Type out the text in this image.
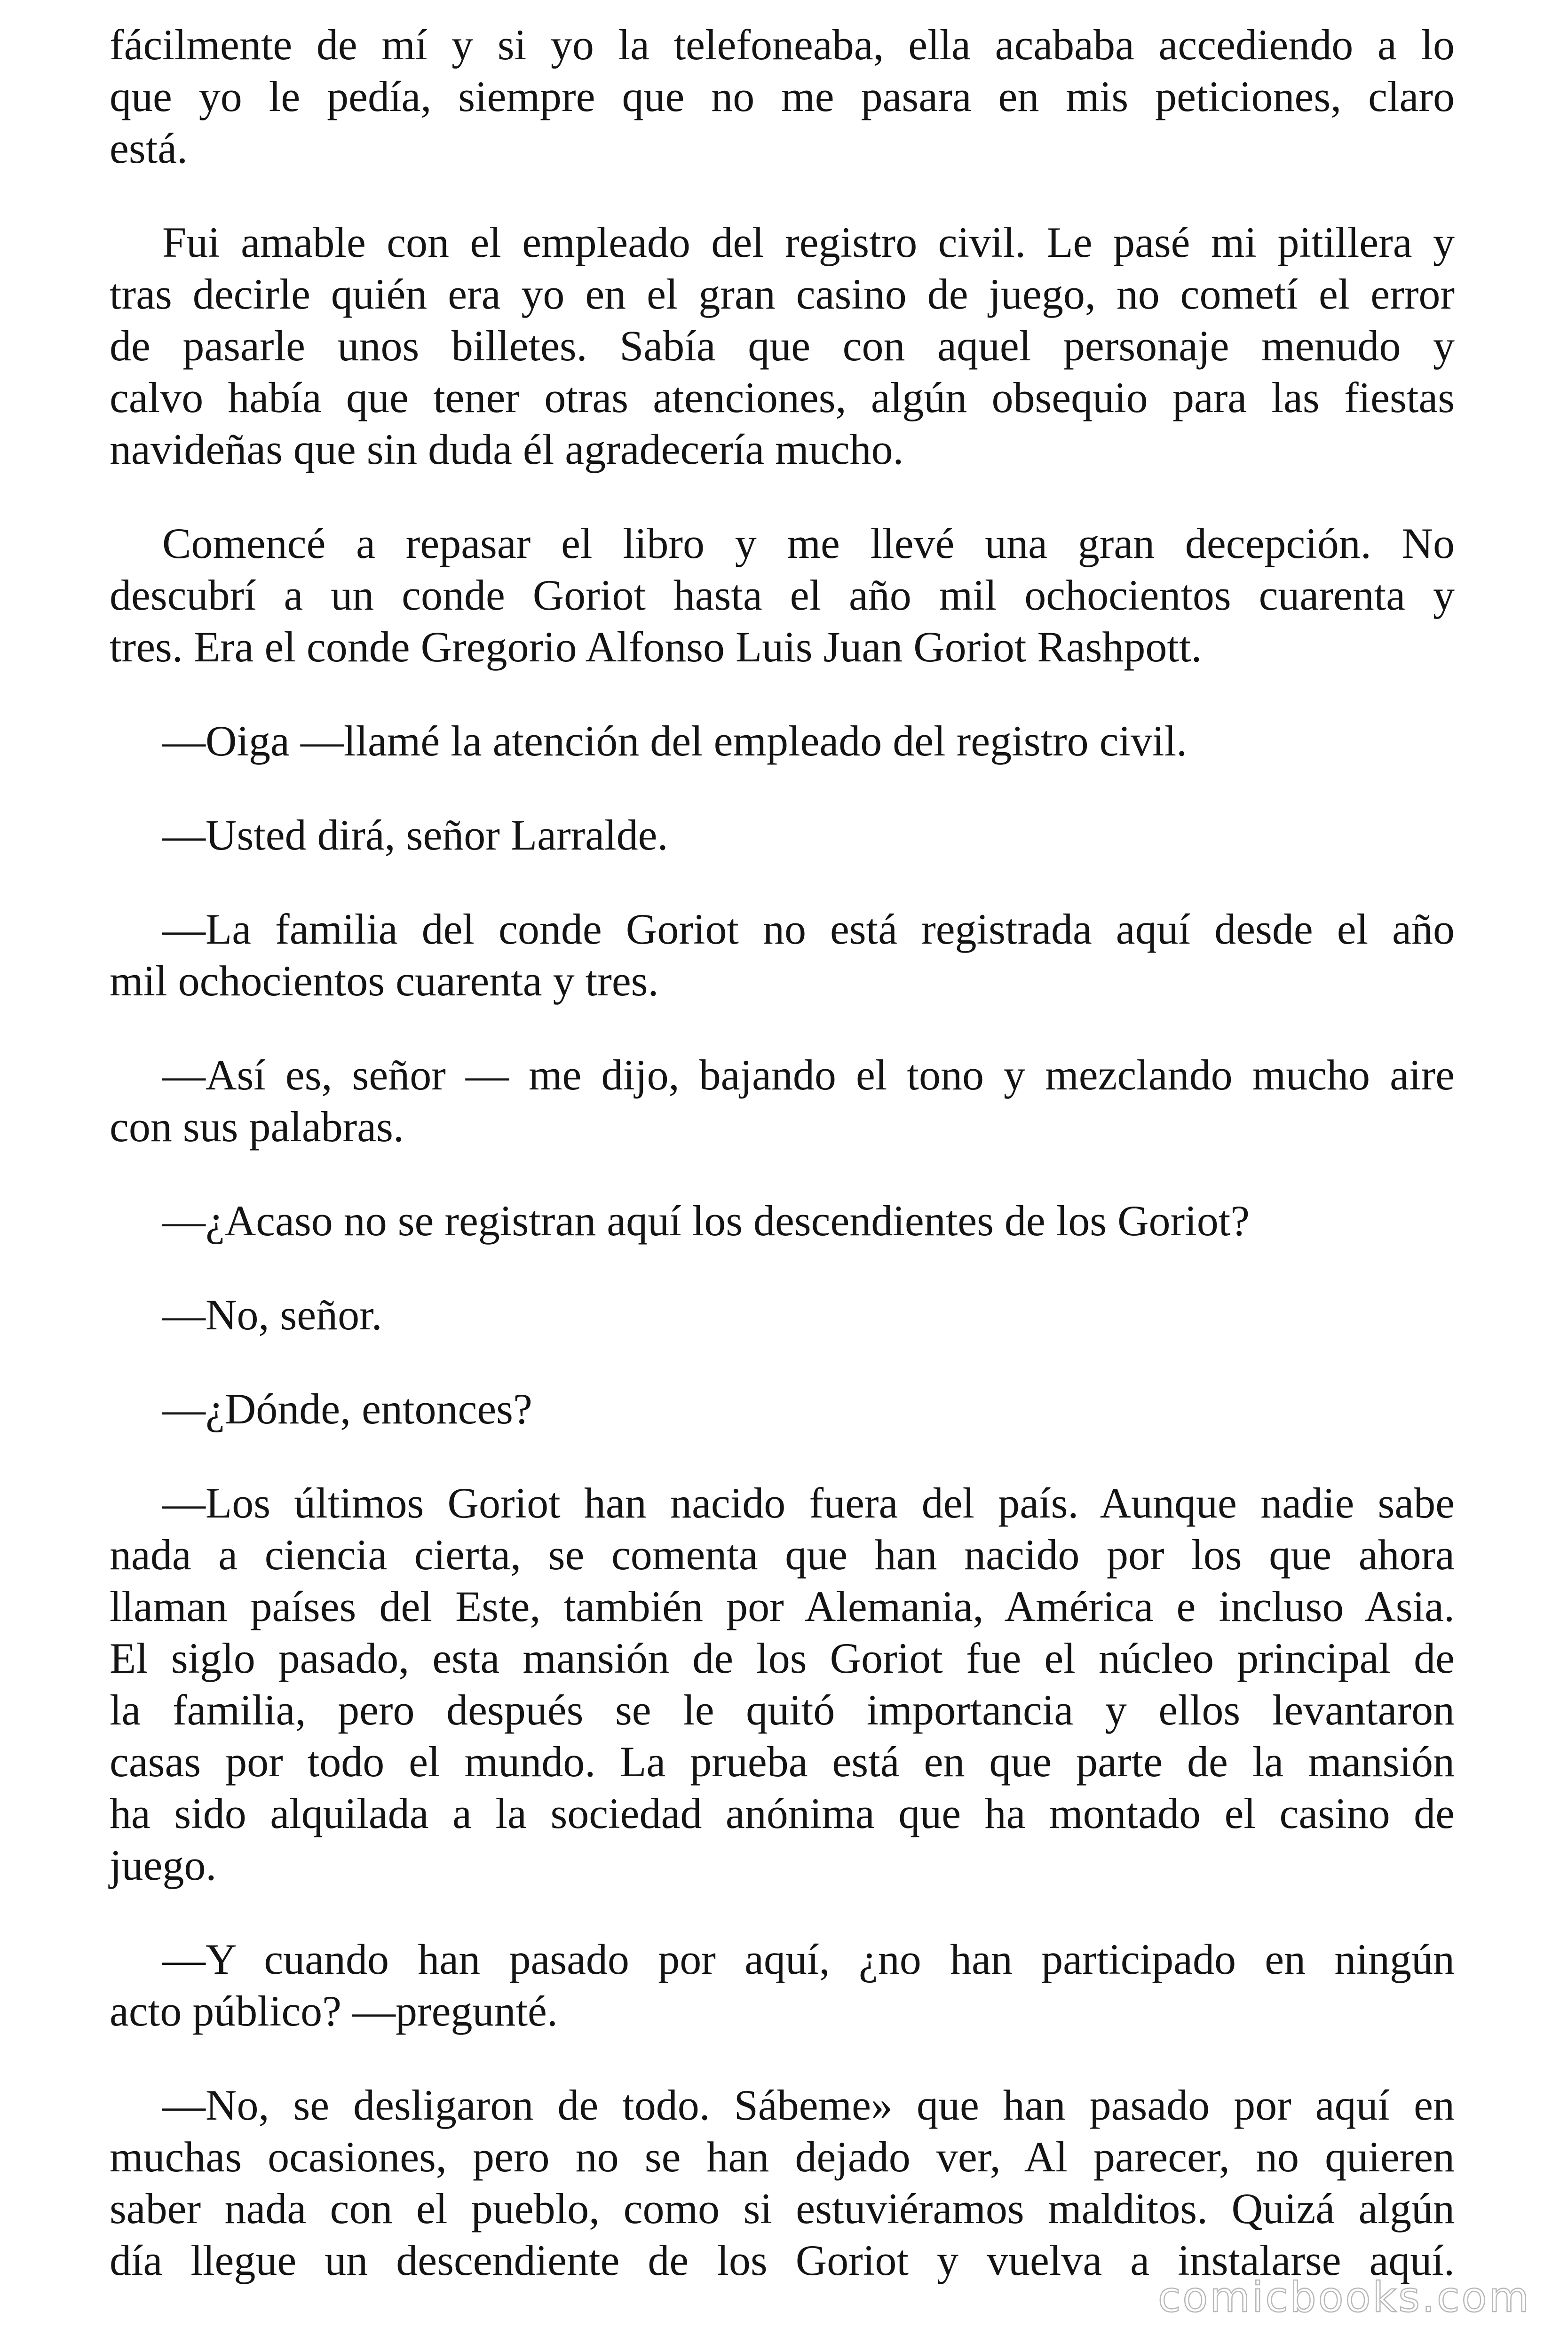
fácilmente de mí y si yo la telefoneaba, ella acababa accediendo a lo
que yo le pedía, siempre que no me pasara en mis peticiones, claro
está.
Fui amable con el empleado del registro civil. Le pasé mi pitillera y
tras decirle quién era yo en el gran casino de juego, no cometí el error
de pasarle unos billetes. Sabía que con aquel personaje menudo y
calvo había que tener otras atenciones, algún obsequio para las fiestas
navideñas que sin duda él agradecería mucho.
Comencé a repasar el libro y me llevé una gran decepción. No
descubrí a un conde Goriot hasta el año mil ochocientos cuarenta y
tres. Era el conde Gregorio Alfonso Luis Juan Goriot Rashpott.
—Oiga —llamé la atención del empleado del registro civil.
—Usted dirá, señor Larralde.
—La familia del conde Goriot no está registrada aquí desde el año
mil ochocientos cuarenta y tres.
—Así es, señor — me dijo, bajando el tono y mezclando mucho aire
con sus palabras.
—¿Acaso no se registran aquí los descendientes de los Goriot?
—No, señor.
—¿Dónde, entonces?
—Los últimos Goriot han nacido fuera del país. Aunque nadie sabe
nada a ciencia cierta, se comenta que han nacido por los que ahora
llaman países del Este, también por Alemania, América e incluso Asia.
El siglo pasado, esta mansión de los Goriot fue el núcleo principal de
la familia, pero después se le quitó importancia y ellos levantaron
casas por todo el mundo. La prueba está en que parte de la mansión
ha sido alquilada a la sociedad anónima que ha montado el casino de
juego.
—Y cuando han pasado por aquí, ¿no han participado en ningún
acto público? —pregunté.
—No, se desligaron de todo. Sábeme» que han pasado por aquí en
muchas ocasiones, pero no se han dejado ver, Al parecer, no quieren
saber nada con el pueblo, como si estuviéramos malditos. Quizá algún
día llegue un descendiente de los Goriot y vuelva a instalarse aquí.
comicbooks.com
